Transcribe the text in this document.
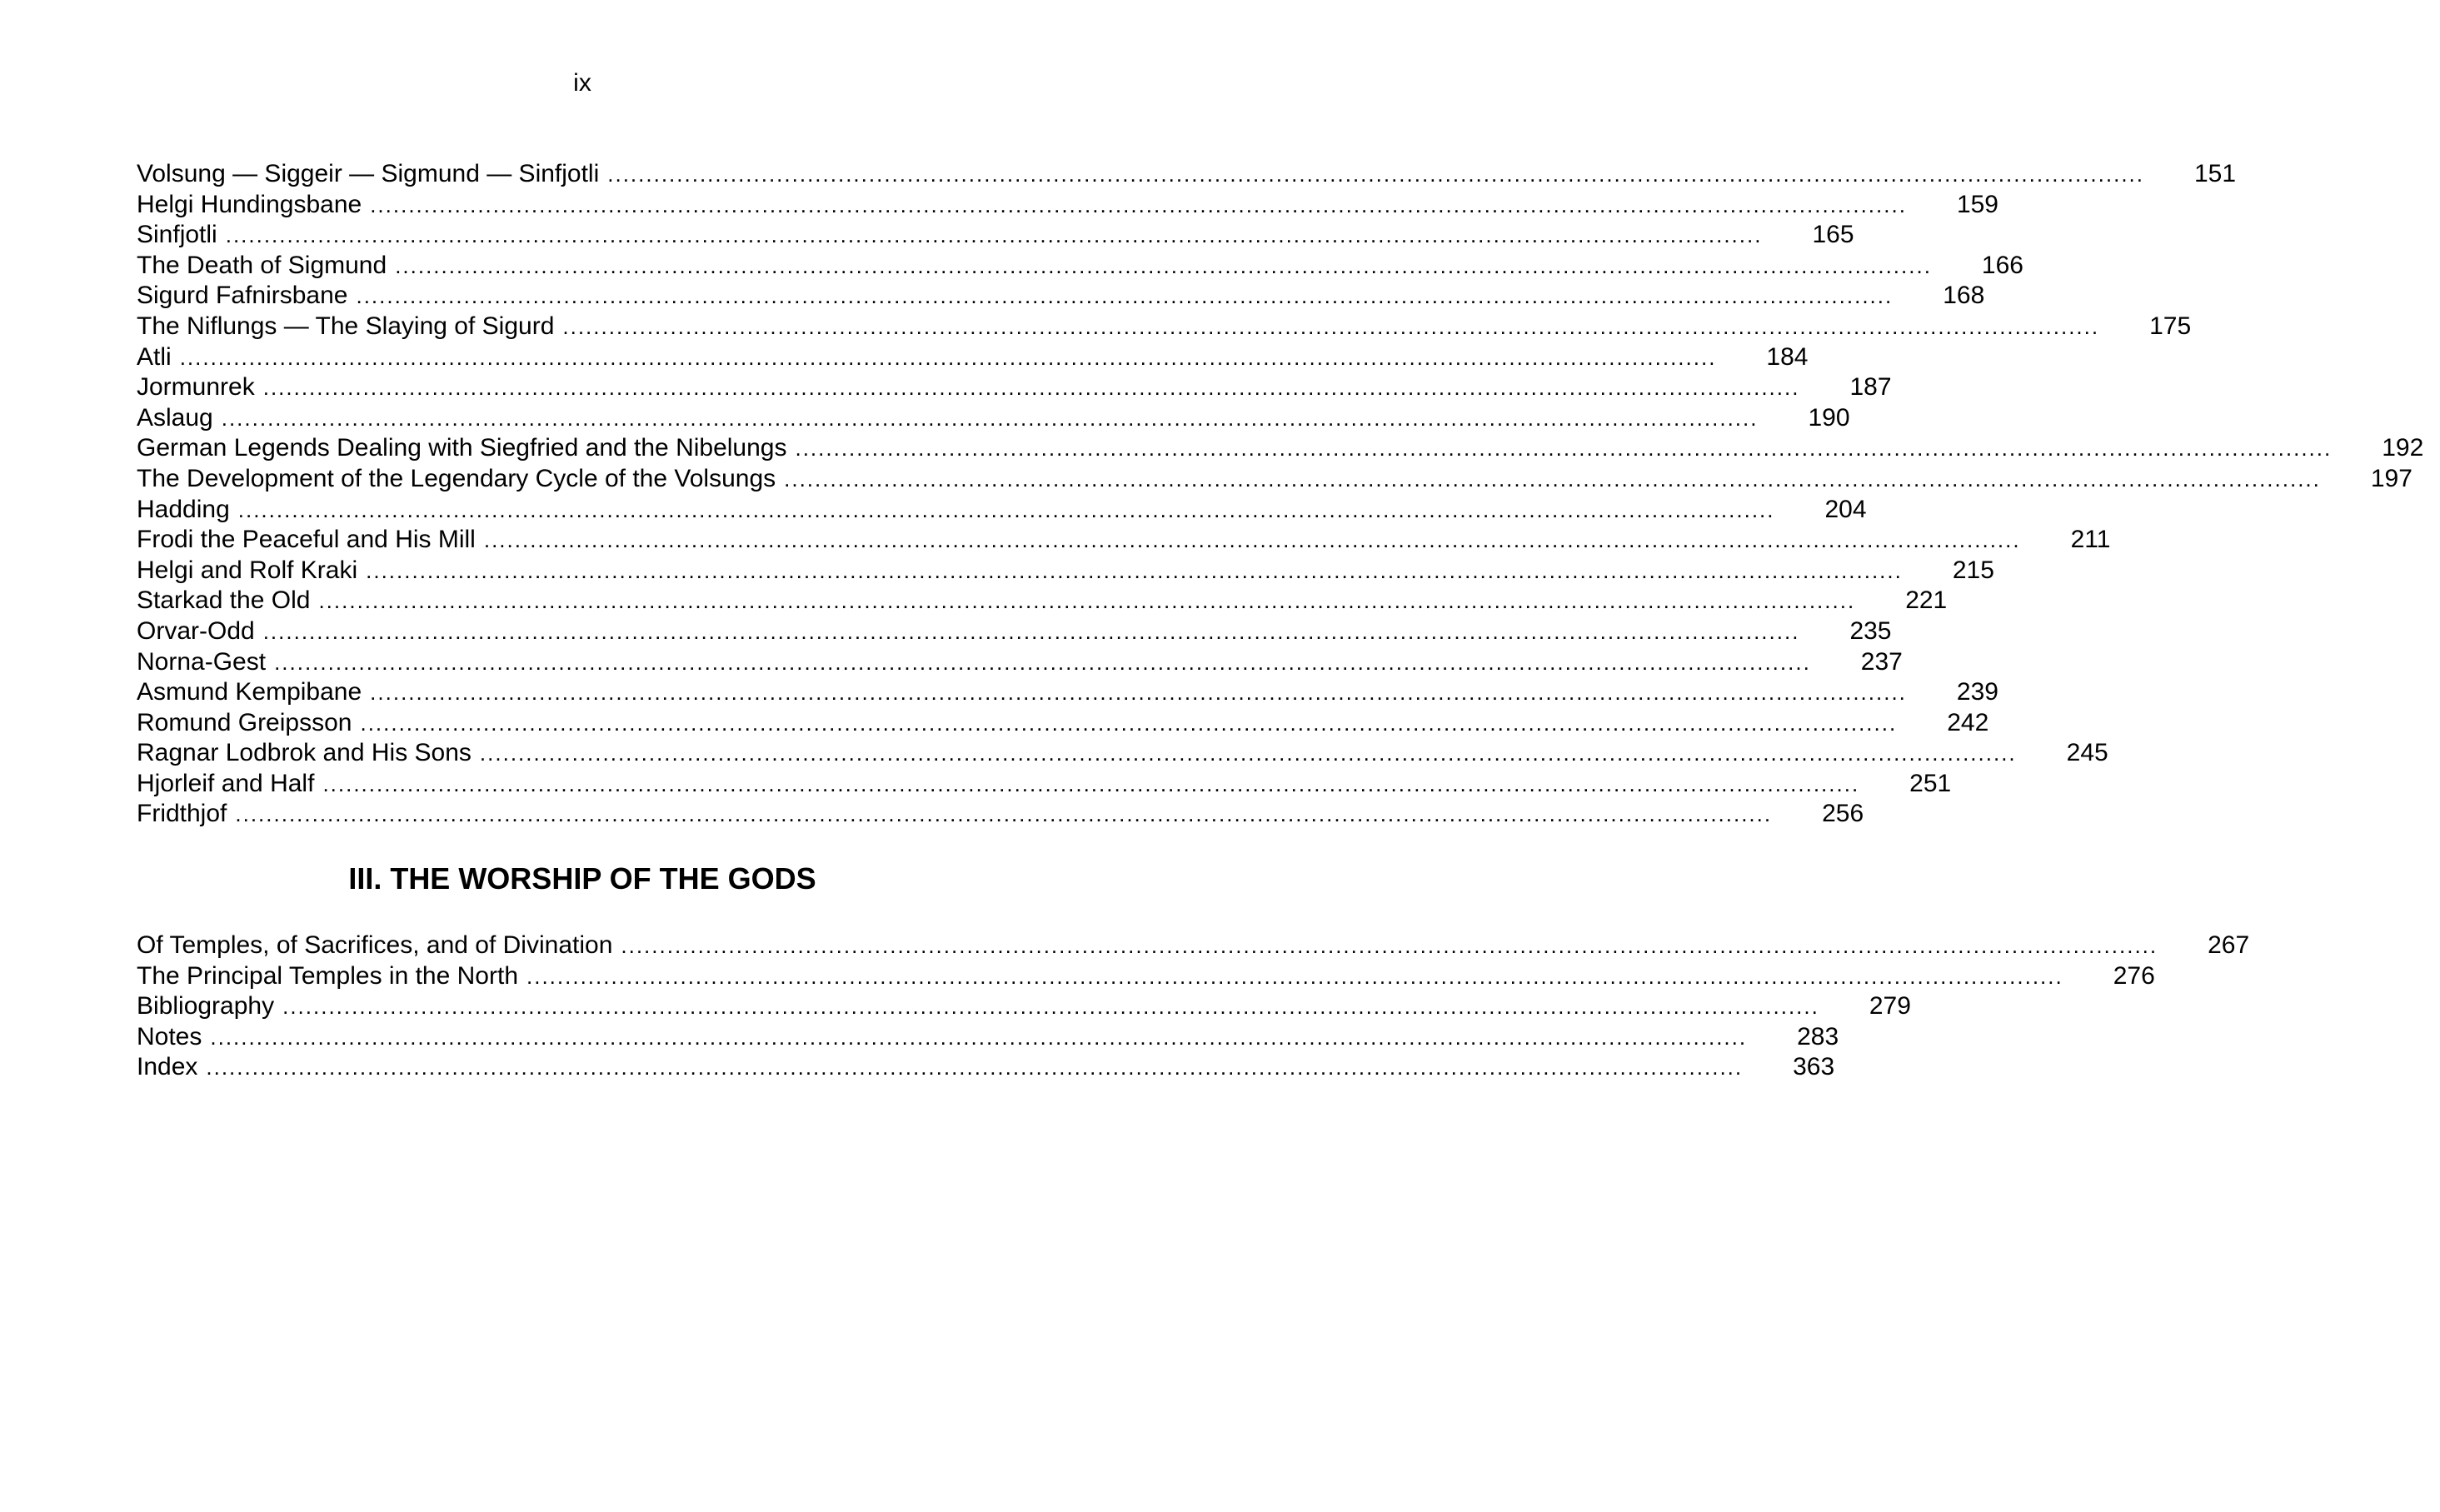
ix
Volsung — Siggeir — Sigmund — Sinfjotli .....	151
Helgi Hundingsbane .....	159
Sinfjotli .....	165
The Death of Sigmund .....	166
Sigurd Fafnirsbane .....	168
The Niflungs — The Slaying of Sigurd .....	175
Atli .....	184
Jormunrek .....	187
Aslaug .....	190
German Legends Dealing with Siegfried and the Nibelungs .....	192
The Development of the Legendary Cycle of the Volsungs .....	197
Hadding .....	204
Frodi the Peaceful and His Mill .....	211
Helgi and Rolf Kraki .....	215
Starkad the Old .....	221
Orvar-Odd .....	235
Norna-Gest .....	237
Asmund Kempibane .....	239
Romund Greipsson .....	242
Ragnar Lodbrok and His Sons .....	245
Hjorleif and Half .....	251
Fridthjof .....	256
III. THE WORSHIP OF THE GODS
Of Temples, of Sacrifices, and of Divination .....	267
The Principal Temples in the North .....	276
Bibliography .....	279
Notes .....	283
Index .....	363
